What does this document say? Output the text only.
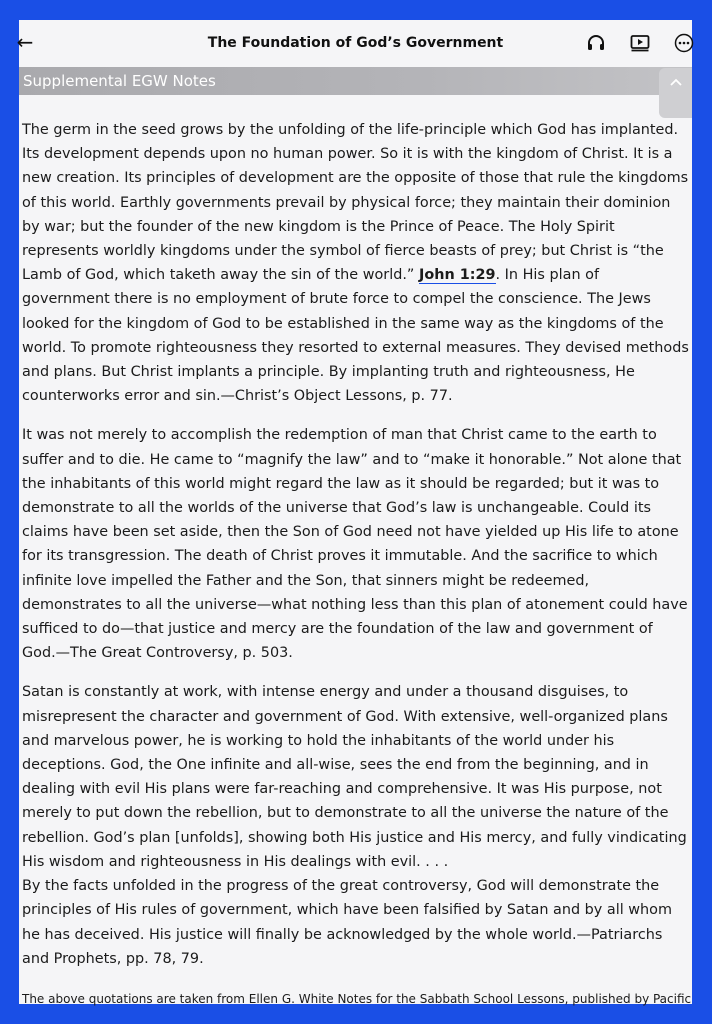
←	The Foundation of God’s Government
Supplemental EGW Notes

The germ in the seed grows by the unfolding of the life-principle which God has implanted. Its development depends upon no human power. So it is with the kingdom of Christ. It is a new creation. Its principles of development are the opposite of those that rule the kingdoms of this world. Earthly governments prevail by physical force; they maintain their dominion by war; but the founder of the new kingdom is the Prince of Peace. The Holy Spirit represents worldly kingdoms under the symbol of fierce beasts of prey; but Christ is “the Lamb of God, which taketh away the sin of the world.” John 1:29. In His plan of government there is no employment of brute force to compel the conscience. The Jews looked for the kingdom of God to be established in the same way as the kingdoms of the world. To promote righteousness they resorted to external measures. They devised methods and plans. But Christ implants a principle. By implanting truth and righteousness, He counterworks error and sin.—Christ’s Object Lessons, p. 77.

It was not merely to accomplish the redemption of man that Christ came to the earth to suffer and to die. He came to “magnify the law” and to “make it honorable.” Not alone that the inhabitants of this world might regard the law as it should be regarded; but it was to demonstrate to all the worlds of the universe that God’s law is unchangeable. Could its claims have been set aside, then the Son of God need not have yielded up His life to atone for its transgression. The death of Christ proves it immutable. And the sacrifice to which infinite love impelled the Father and the Son, that sinners might be redeemed, demonstrates to all the universe—what nothing less than this plan of atonement could have sufficed to do—that justice and mercy are the foundation of the law and government of God.—The Great Controversy, p. 503.

Satan is constantly at work, with intense energy and under a thousand disguises, to misrepresent the character and government of God. With extensive, well-organized plans and marvelous power, he is working to hold the inhabitants of the world under his deceptions. God, the One infinite and all-wise, sees the end from the beginning, and in dealing with evil His plans were far-reaching and comprehensive. It was His purpose, not merely to put down the rebellion, but to demonstrate to all the universe the nature of the rebellion. God’s plan [unfolds], showing both His justice and His mercy, and fully vindicating His wisdom and righteousness in His dealings with evil. . . .

By the facts unfolded in the progress of the great controversy, God will demonstrate the principles of His rules of government, which have been falsified by Satan and by all whom he has deceived. His justice will finally be acknowledged by the whole world.—Patriarchs and Prophets, pp. 78, 79.

The above quotations are taken from Ellen G. White Notes for the Sabbath School Lessons, published by Pacific
